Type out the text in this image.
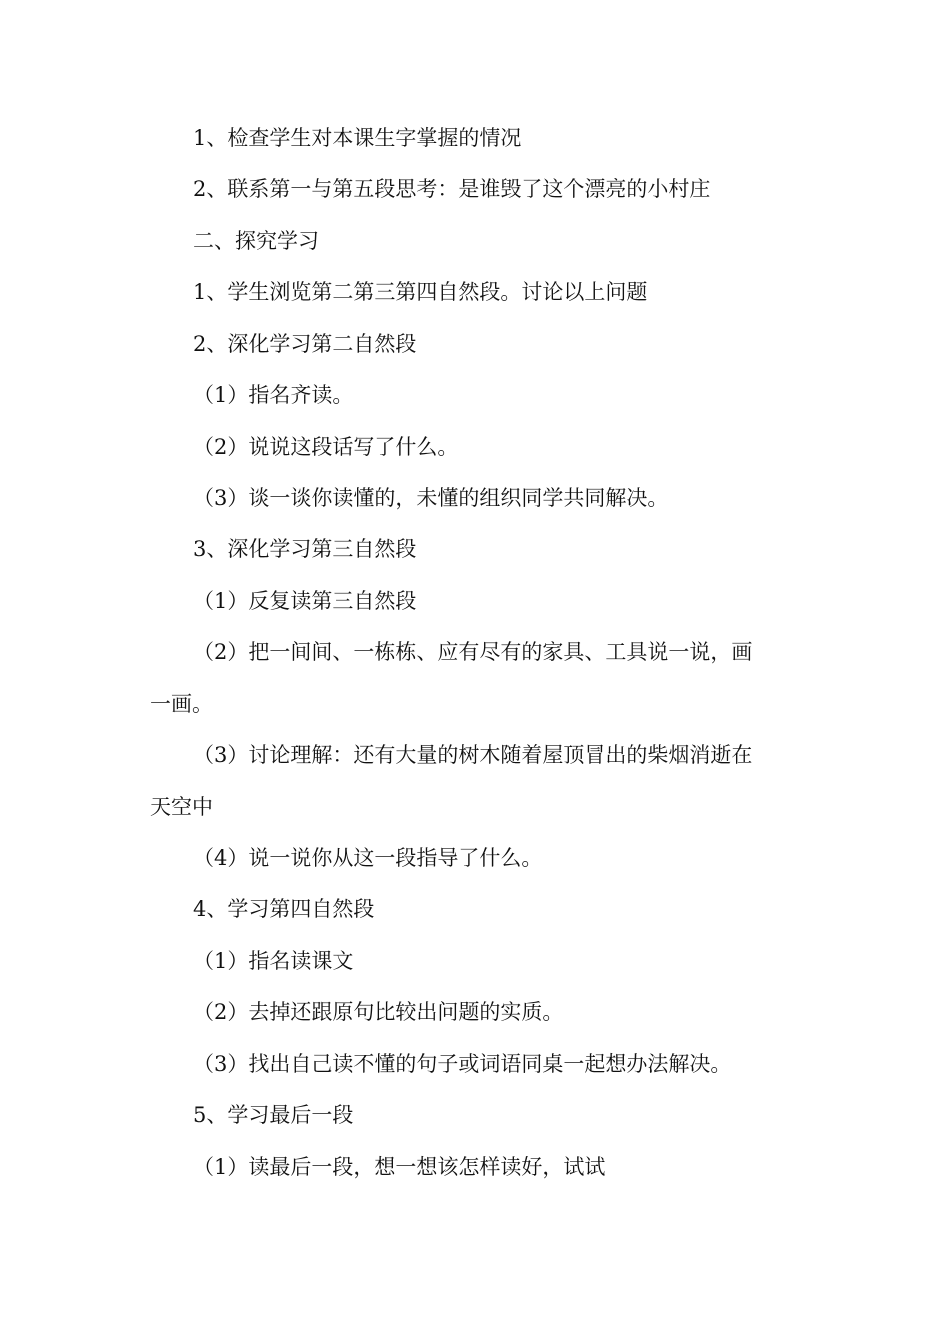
1、检查学生对本课生字掌握的情况
2、联系第一与第五段思考：是谁毁了这个漂亮的小村庄
二、探究学习
1、学生浏览第二第三第四自然段。讨论以上问题
2、深化学习第二自然段
（1）指名齐读。
（2）说说这段话写了什么。
（3）谈一谈你读懂的，未懂的组织同学共同解决。
3、深化学习第三自然段
（1）反复读第三自然段
（2）把一间间、一栋栋、应有尽有的家具、工具说一说，画
一画。
（3）讨论理解：还有大量的树木随着屋顶冒出的柴烟消逝在
天空中
（4）说一说你从这一段指导了什么。
4、学习第四自然段
（1）指名读课文
（2）去掉还跟原句比较出问题的实质。
（3）找出自己读不懂的句子或词语同桌一起想办法解决。
5、学习最后一段
（1）读最后一段，想一想该怎样读好，试试
